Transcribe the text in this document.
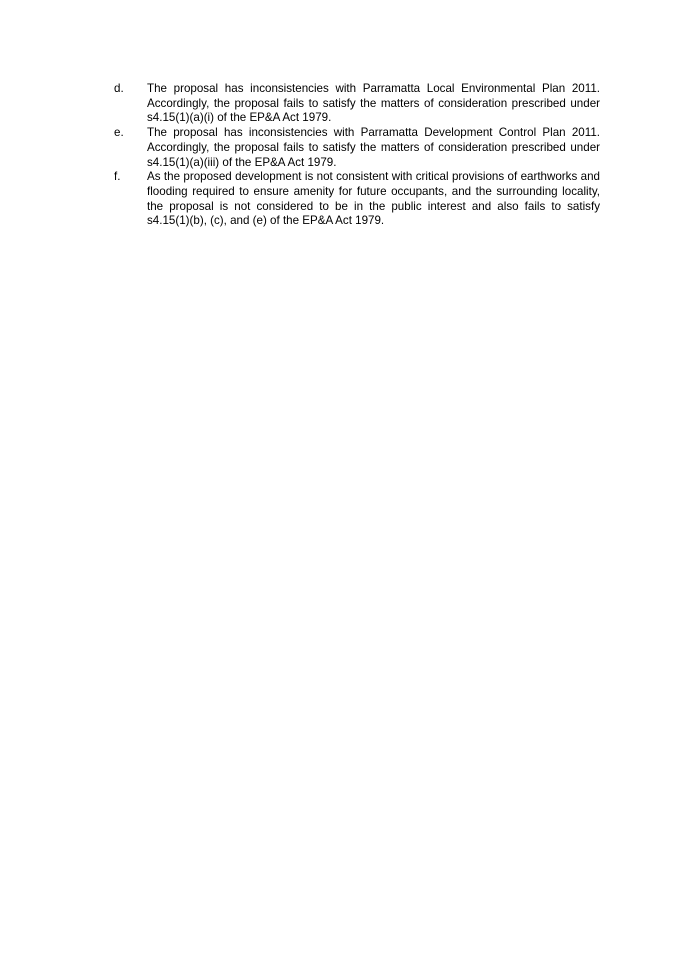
d.	The proposal has inconsistencies with Parramatta Local Environmental Plan 2011. Accordingly, the proposal fails to satisfy the matters of consideration prescribed under s4.15(1)(a)(i) of the EP&A Act 1979.
e.	The proposal has inconsistencies with Parramatta Development Control Plan 2011. Accordingly, the proposal fails to satisfy the matters of consideration prescribed under s4.15(1)(a)(iii) of the EP&A Act 1979.
f.	As the proposed development is not consistent with critical provisions of earthworks and flooding required to ensure amenity for future occupants, and the surrounding locality, the proposal is not considered to be in the public interest and also fails to satisfy s4.15(1)(b), (c), and (e) of the EP&A Act 1979.
